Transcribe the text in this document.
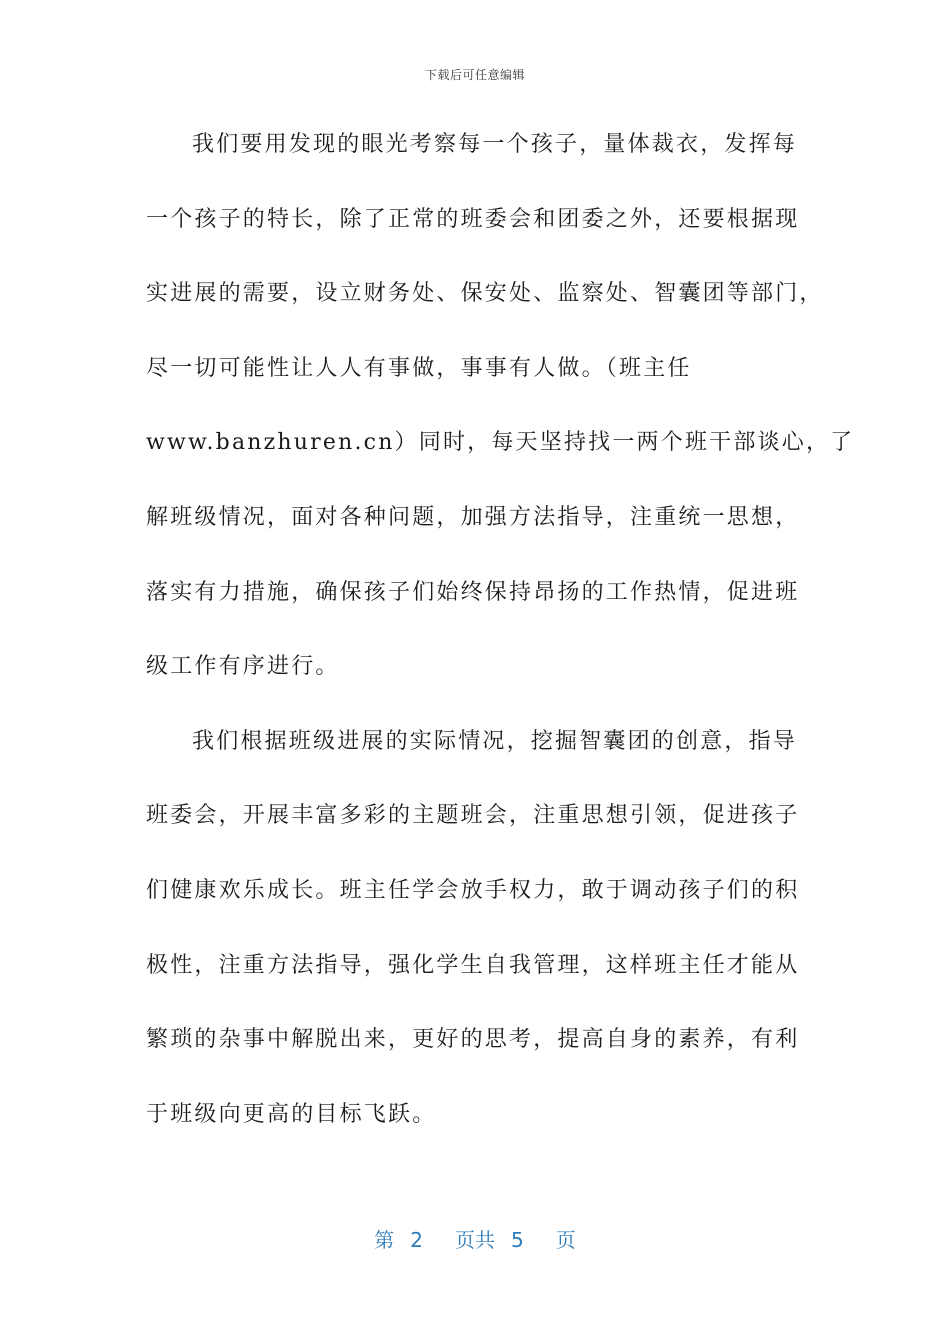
下载后可任意编辑
我们要用发现的眼光考察每一个孩子，量体裁衣，发挥每
一个孩子的特长，除了正常的班委会和团委之外，还要根据现
实进展的需要，设立财务处、保安处、监察处、智囊团等部门，
尽一切可能性让人人有事做，事事有人做。（班主任
www.banzhuren.cn）同时，每天坚持找一两个班干部谈心，了
解班级情况，面对各种问题，加强方法指导，注重统一思想，
落实有力措施，确保孩子们始终保持昂扬的工作热情，促进班
级工作有序进行。
我们根据班级进展的实际情况，挖掘智囊团的创意，指导
班委会，开展丰富多彩的主题班会，注重思想引领，促进孩子
们健康欢乐成长。班主任学会放手权力，敢于调动孩子们的积
极性，注重方法指导，强化学生自我管理，这样班主任才能从
繁琐的杂事中解脱出来，更好的思考，提高自身的素养，有利
于班级向更高的目标飞跃。
第 2 页共 5 页
